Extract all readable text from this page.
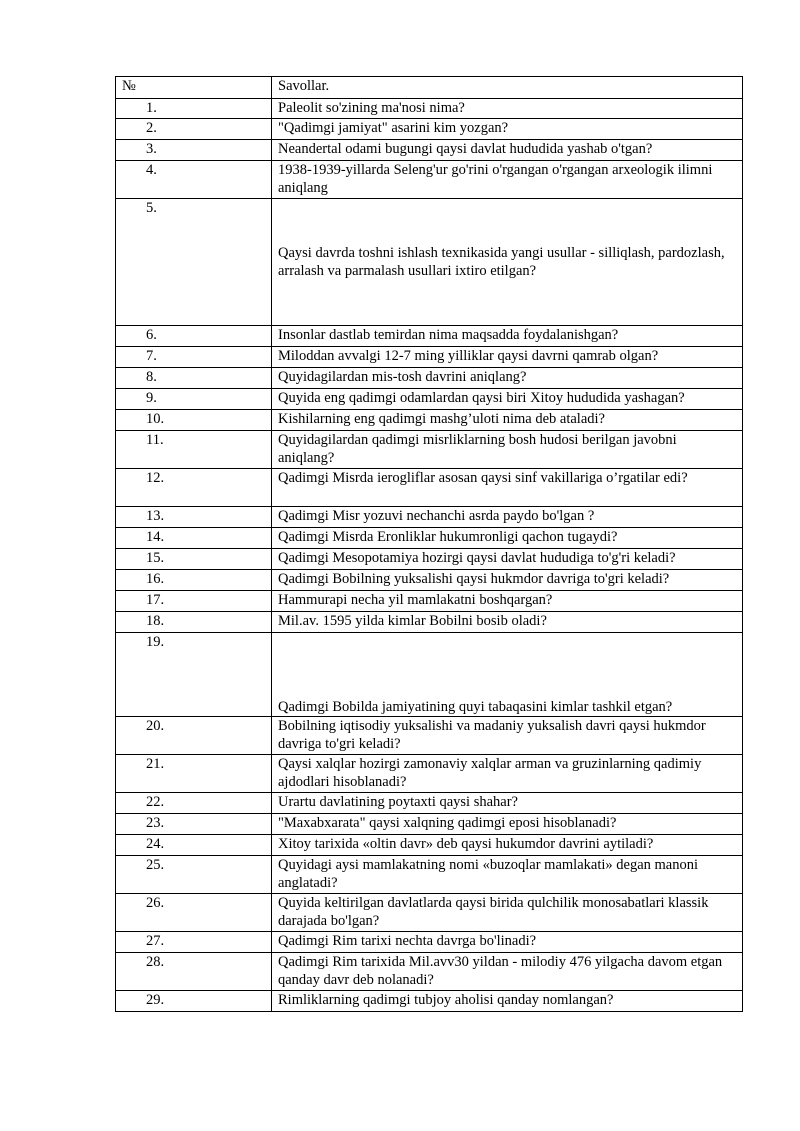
№	Savollar.
1.	Paleolit so'zining ma'nosi nima?
2.	"Qadimgi jamiyat" asarini kim yozgan?
3.	Neandertal odami bugungi qaysi davlat hududida yashab o'tgan?
4.	1938-1939-yillarda Seleng'ur go'rini o'rgangan o'rgangan arxeologik ilimni aniqlang
5.	Qaysi davrda toshni ishlash texnikasida yangi usullar - silliqlash, pardozlash, arralash va parmalash usullari ixtiro etilgan?
6.	Insonlar dastlab temirdan nima maqsadda foydalanishgan?
7.	Miloddan avvalgi 12-7 ming yilliklar qaysi davrni qamrab olgan?
8.	Quyidagilardan mis-tosh davrini aniqlang?
9.	Quyida eng qadimgi odamlardan qaysi biri Xitoy hududida yashagan?
10.	Kishilarning eng qadimgi mashg’uloti nima deb ataladi?
11.	Quyidagilardan qadimgi misrliklarning bosh hudosi berilgan javobni aniqlang?
12.	Qadimgi Misrda ierogliflar asosan qaysi sinf vakillariga o’rgatilar edi?
13.	Qadimgi Misr yozuvi nechanchi asrda paydo bo'lgan ?
14.	Qadimgi Misrda Eronliklar hukumronligi qachon tugaydi?
15.	Qadimgi Mesopotamiya hozirgi qaysi davlat hududiga to'g'ri keladi?
16.	Qadimgi Bobilning yuksalishi qaysi hukmdor davriga to'gri keladi?
17.	Hammurapi necha yil mamlakatni boshqargan?
18.	Mil.av. 1595 yilda kimlar Bobilni bosib oladi?
19.	Qadimgi Bobilda jamiyatining quyi tabaqasini kimlar tashkil etgan?
20.	Bobilning iqtisodiy yuksalishi va madaniy yuksalish davri qaysi hukmdor davriga to'gri keladi?
21.	Qaysi xalqlar hozirgi zamonaviy xalqlar arman va gruzinlarning qadimiy ajdodlari hisoblanadi?
22.	Urartu davlatining poytaxti qaysi shahar?
23.	"Maxabxarata" qaysi xalqning qadimgi eposi hisoblanadi?
24.	Xitoy tarixida «oltin davr» deb qaysi hukumdor davrini aytiladi?
25.	Quyidagi aysi mamlakatning nomi «buzoqlar mamlakati» degan manoni anglatadi?
26.	Quyida keltirilgan davlatlarda qaysi birida qulchilik monosabatlari klassik darajada bo'lgan?
27.	Qadimgi Rim tarixi nechta davrga bo'linadi?
28.	Qadimgi Rim tarixida Mil.avv30 yildan - milodiy 476 yilgacha davom etgan qanday davr deb nolanadi?
29.	Rimliklarning qadimgi tubjoy aholisi qanday nomlangan?
